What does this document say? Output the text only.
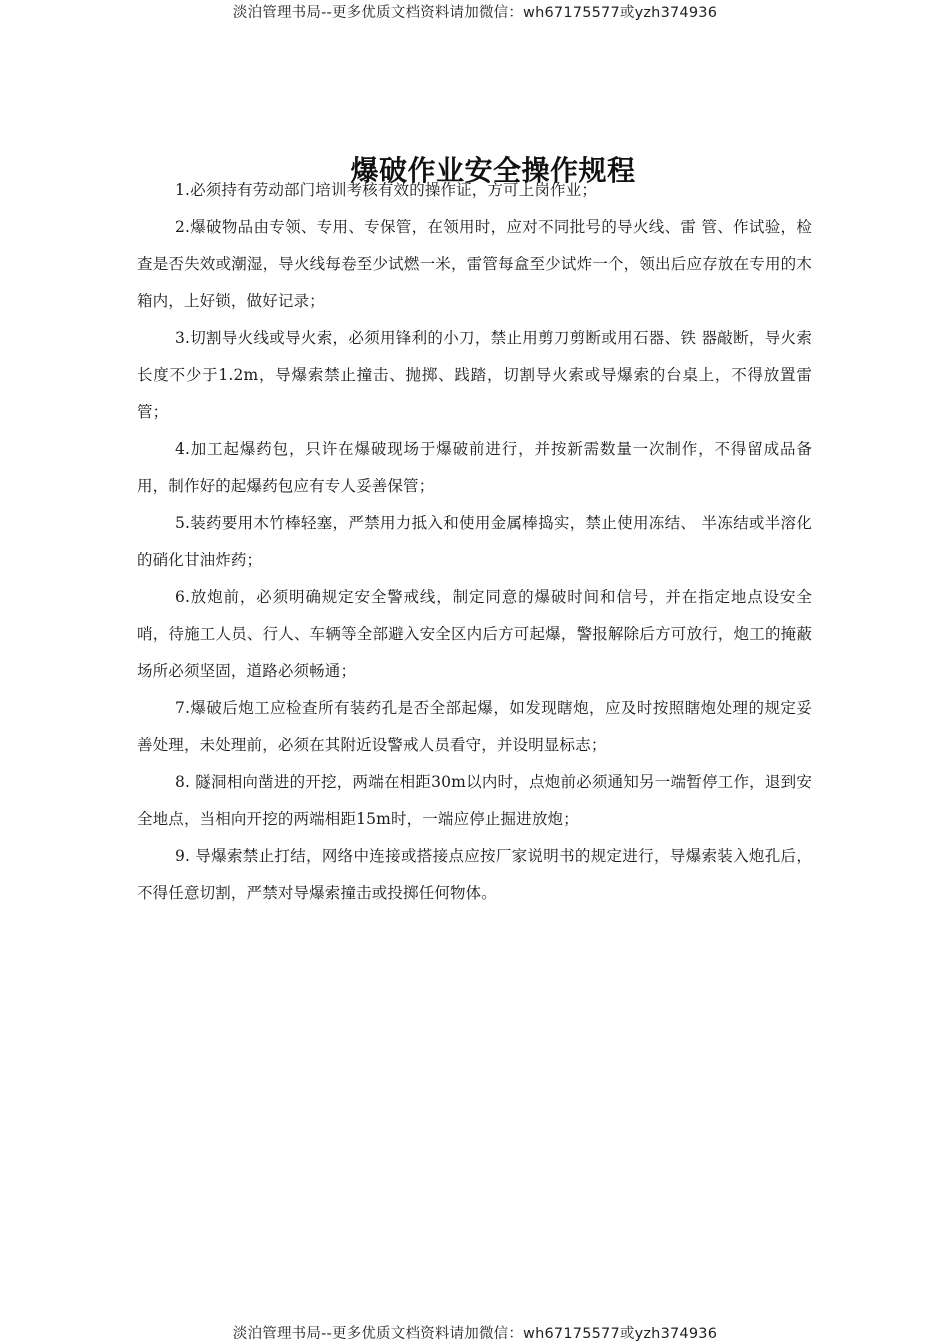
淡泊管理书局--更多优质文档资料请加微信：wh67175577或yzh374936
爆破作业安全操作规程

1.必须持有劳动部门培训考核有效的操作证，方可上岗作业；

2.爆破物品由专领、专用、专保管，在领用时，应对不同批号的导火线、雷 管、作试验，检查是否失效或潮湿，导火线每卷至少试燃一米，雷管每盒至少试炸一个，领出后应存放在专用的木箱内，上好锁，做好记录；

3.切割导火线或导火索，必须用锋利的小刀，禁止用剪刀剪断或用石器、铁 器敲断，导火索长度不少于1.2m，导爆索禁止撞击、抛掷、践踏，切割导火索或导爆索的台桌上，不得放置雷管；

4.加工起爆药包，只许在爆破现场于爆破前进行，并按新需数量一次制作，不得留成品备用，制作好的起爆药包应有专人妥善保管；

5.装药要用木竹棒轻塞，严禁用力抵入和使用金属棒捣实，禁止使用冻结、 半冻结或半溶化的硝化甘油炸药；

6.放炮前，必须明确规定安全警戒线，制定同意的爆破时间和信号，并在指定地点设安全哨，待施工人员、行人、车辆等全部避入安全区内后方可起爆，警报解除后方可放行，炮工的掩蔽场所必须坚固，道路必须畅通；

7.爆破后炮工应检查所有装药孔是否全部起爆，如发现瞎炮，应及时按照瞎炮处理的规定妥善处理，未处理前，必须在其附近设警戒人员看守，并设明显标志；

8. 隧洞相向凿进的开挖，两端在相距30m以内时，点炮前必须通知另一端暂停工作，退到安全地点，当相向开挖的两端相距15m时，一端应停止掘进放炮；

9. 导爆索禁止打结，网络中连接或搭接点应按厂家说明书的规定进行，导爆索装入炮孔后，不得任意切割，严禁对导爆索撞击或投掷任何物体。

淡泊管理书局--更多优质文档资料请加微信：wh67175577或yzh374936
